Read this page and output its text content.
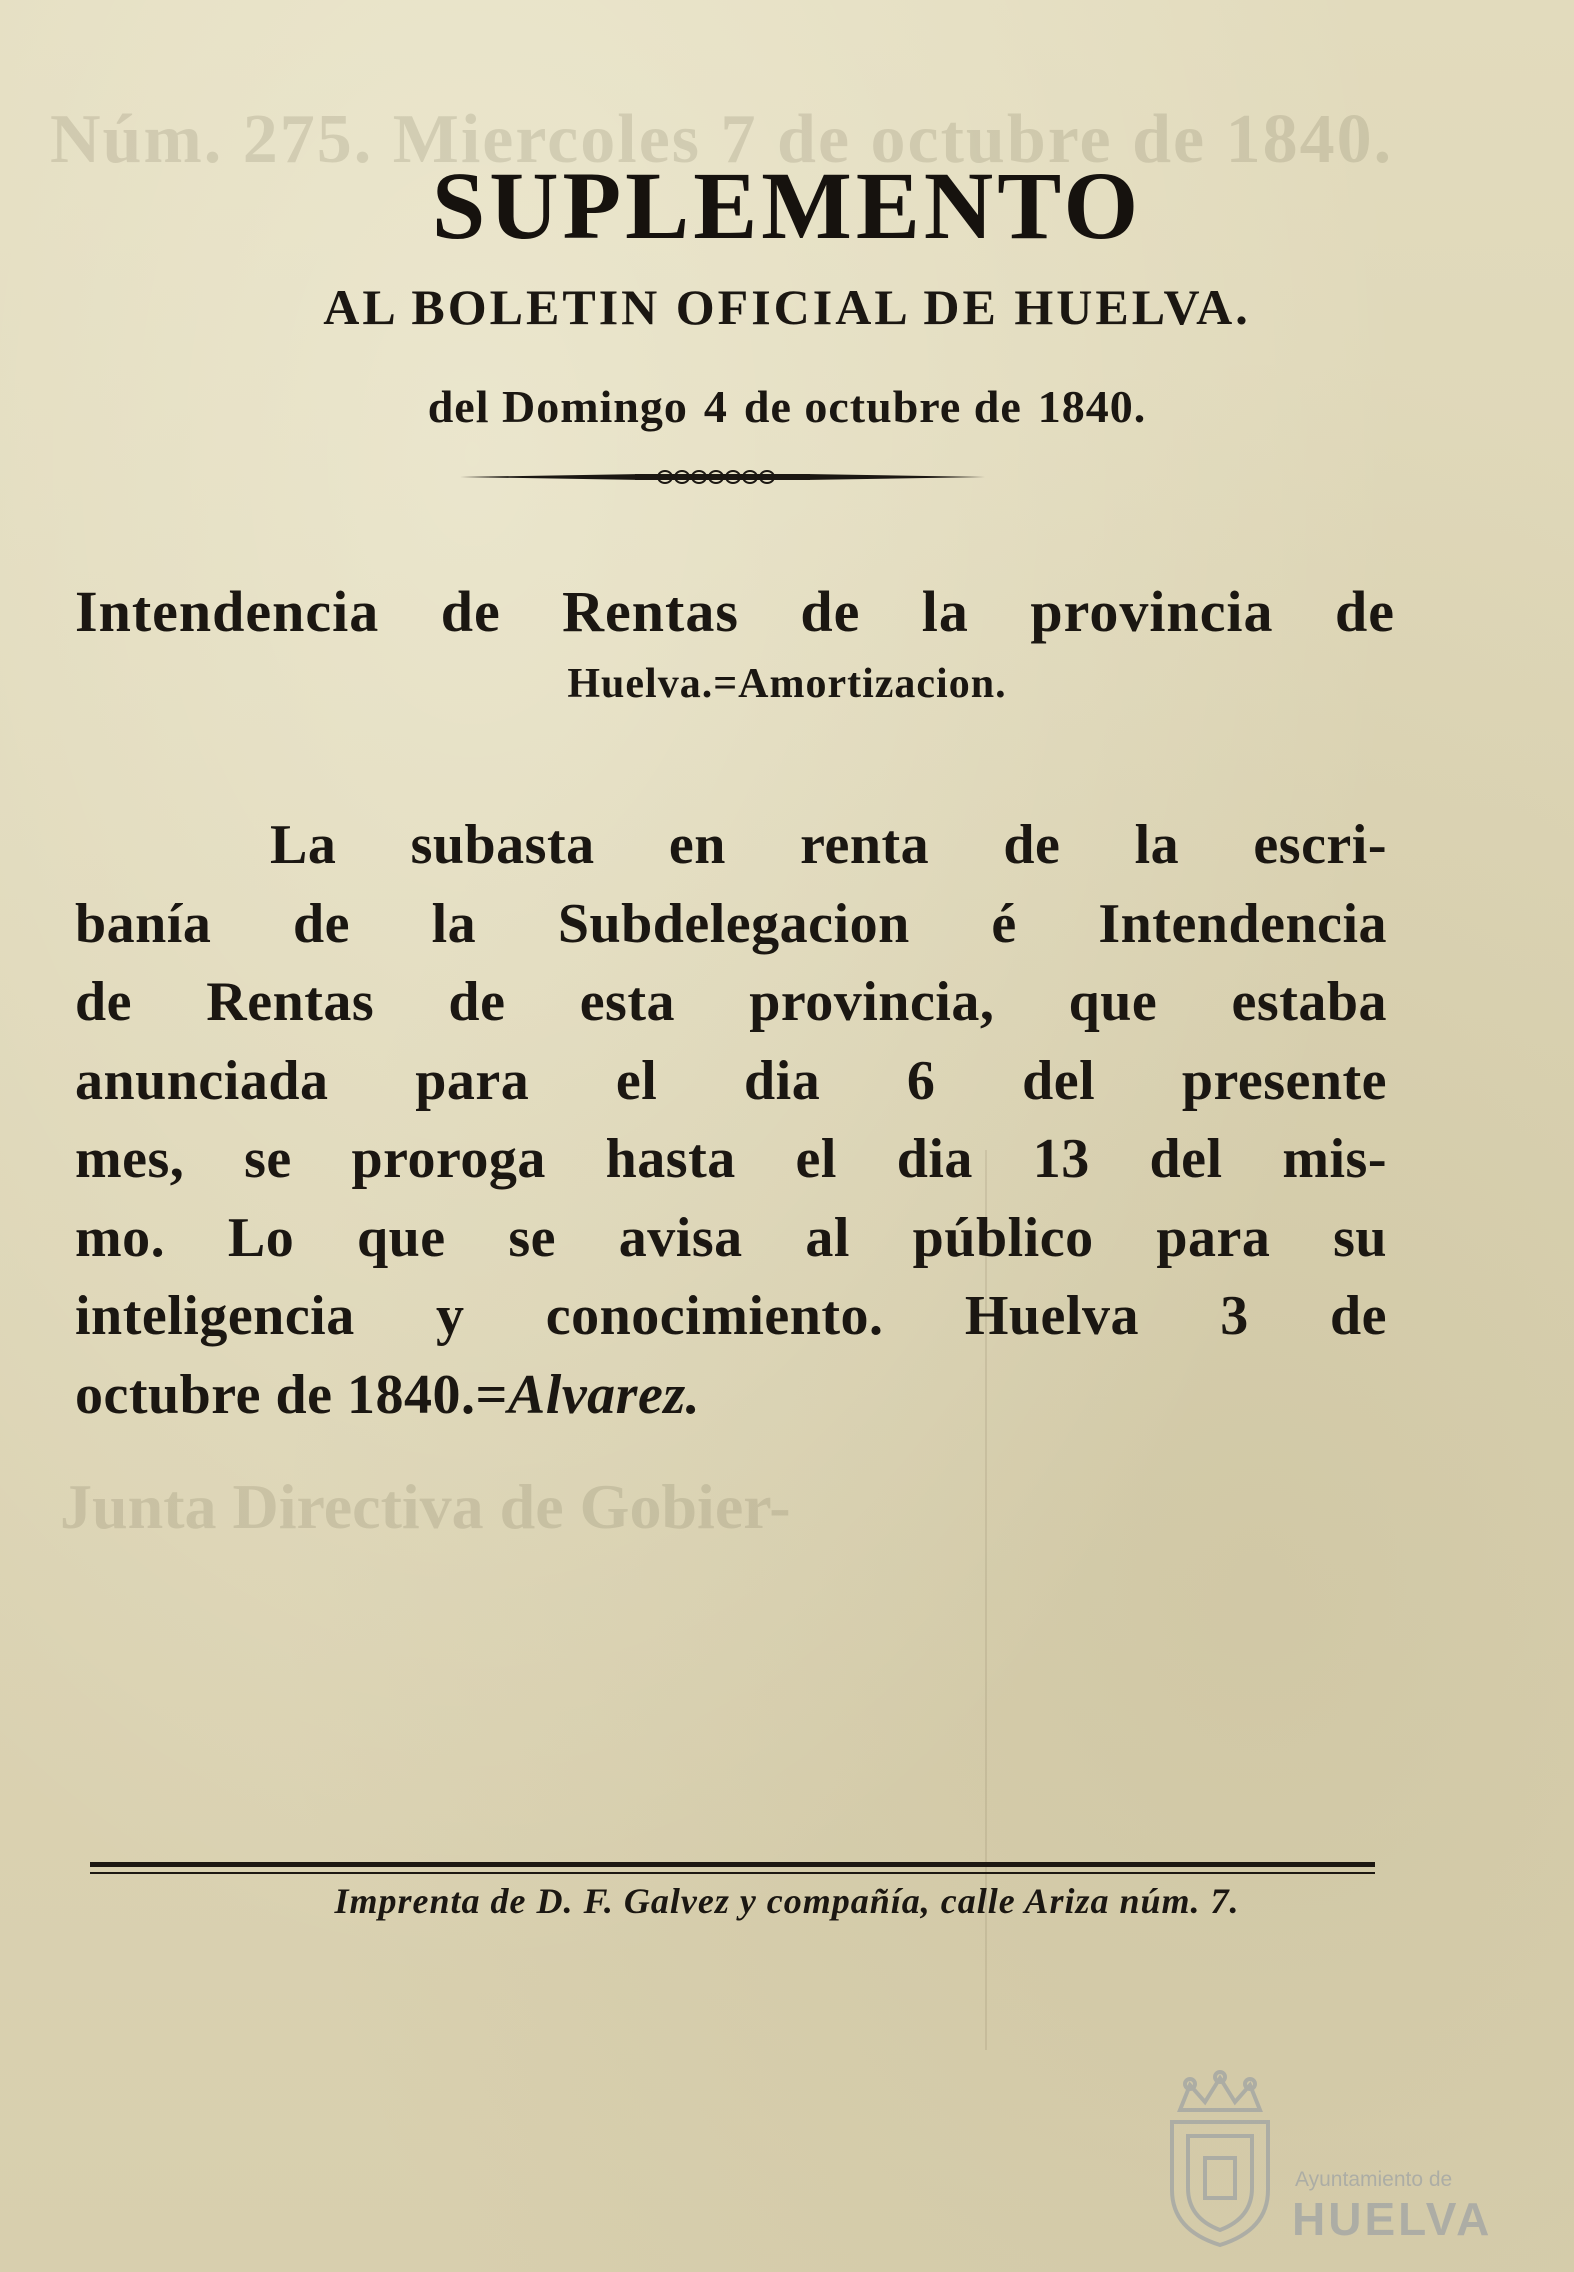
Núm. 275. Miercoles 7 de octubre de 1840.
Junta Directiva de Gobier-
SUPLEMENTO
AL BOLETIN OFICIAL DE HUELVA.
del Domingo 4 de octubre de 1840.
Intendencia de Rentas de la provincia de
Huelva.=Amortizacion.
La subasta en renta de la escri-
banía de la Subdelegacion é Intendencia
de Rentas de esta provincia, que estaba
anunciada para el dia 6 del presente
mes, se proroga hasta el dia 13 del mis-
mo. Lo que se avisa al público para su
inteligencia y conocimiento. Huelva 3 de
octubre de 1840.=Alvarez.
Imprenta de D. F. Galvez y compañía, calle Ariza núm. 7.
Ayuntamiento de
HUELVA
